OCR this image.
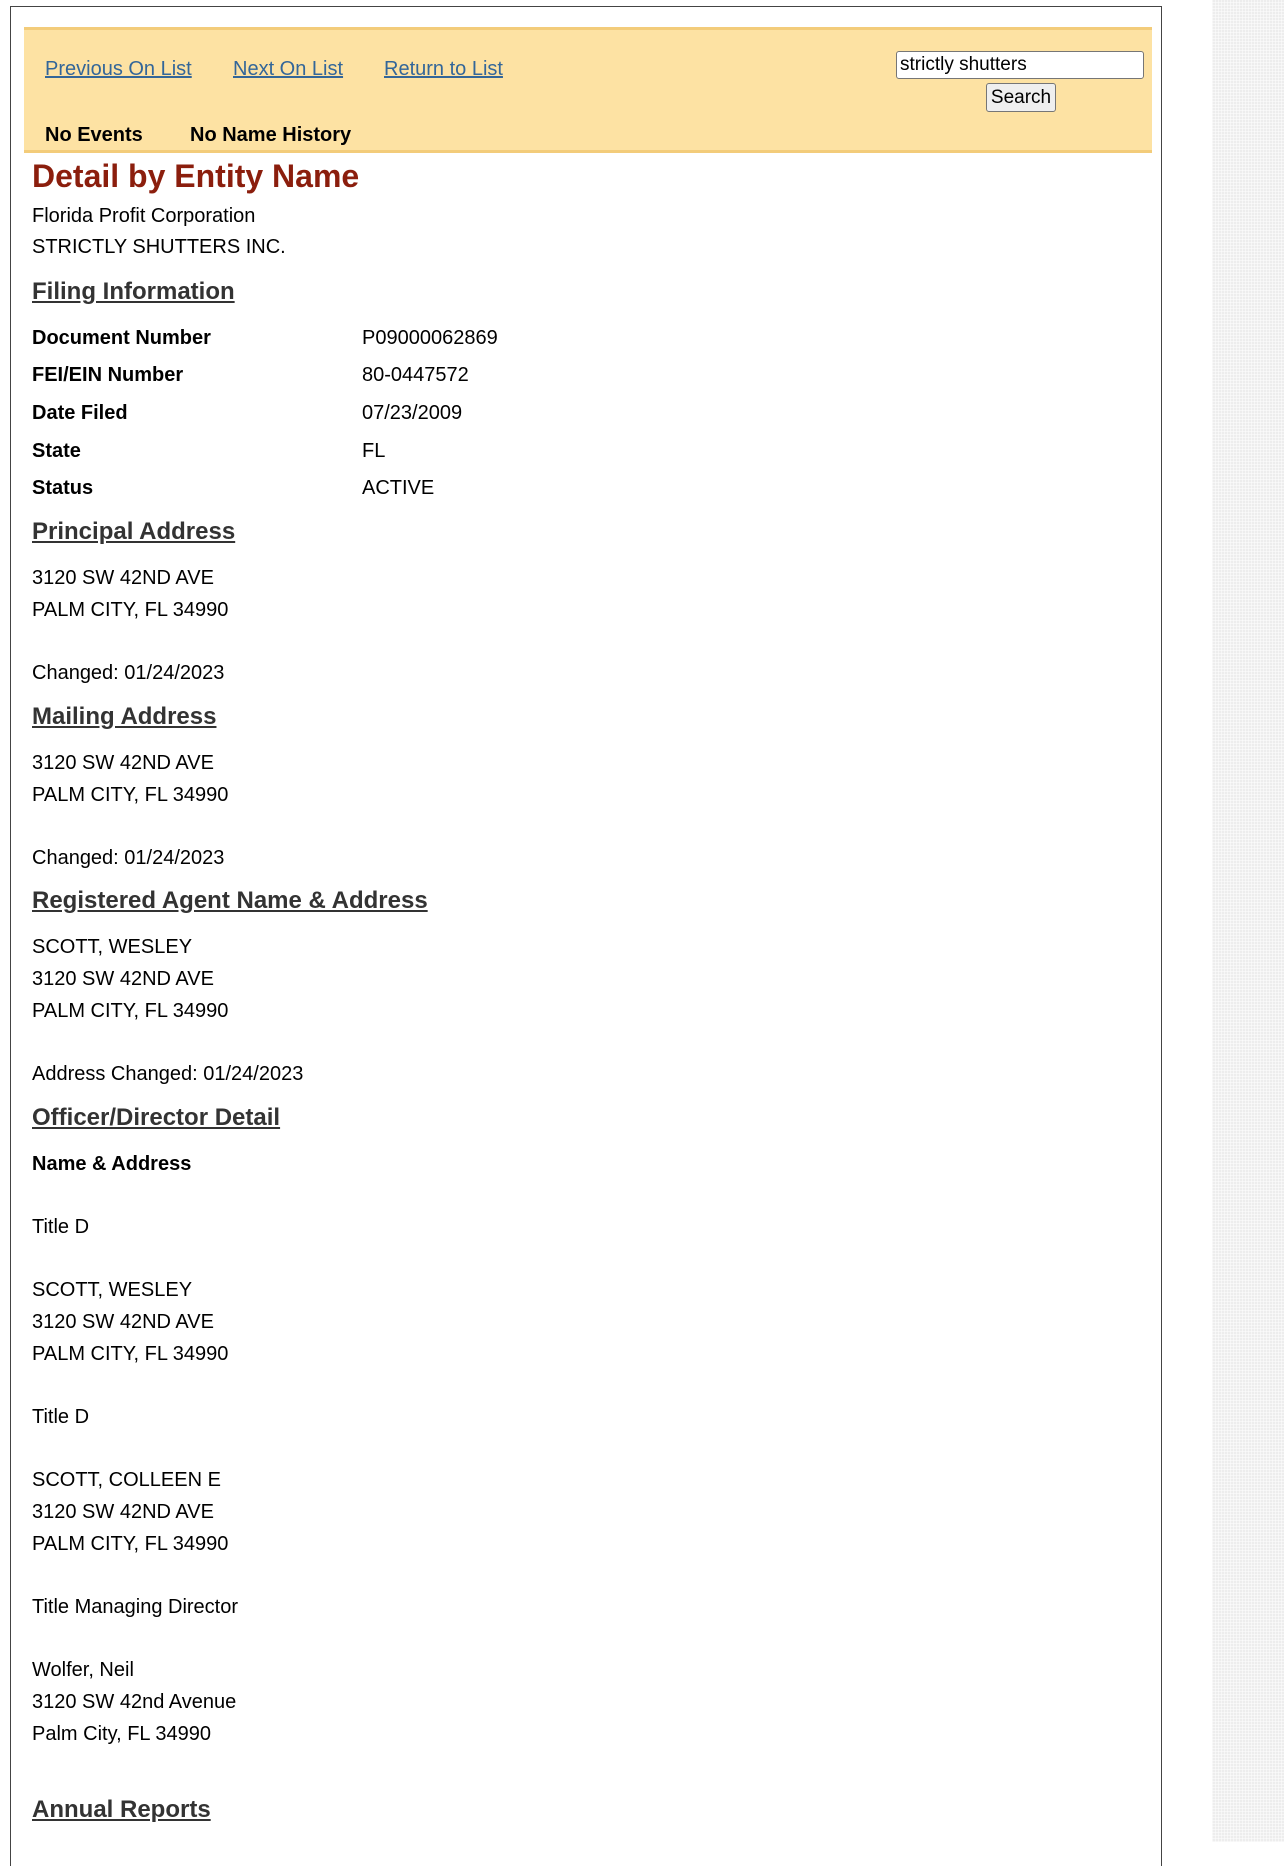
Previous On List Next On List Return to List
No Events No Name History
strictly shutters
Search
Detail by Entity Name
Florida Profit Corporation
STRICTLY SHUTTERS INC.
Filing Information
Document Number	P09000062869
FEI/EIN Number	80-0447572
Date Filed	07/23/2009
State	FL
Status	ACTIVE
Principal Address
3120 SW 42ND AVE
PALM CITY, FL 34990
Changed: 01/24/2023
Mailing Address
3120 SW 42ND AVE
PALM CITY, FL 34990
Changed: 01/24/2023
Registered Agent Name & Address
SCOTT, WESLEY
3120 SW 42ND AVE
PALM CITY, FL 34990
Address Changed: 01/24/2023
Officer/Director Detail
Name & Address
Title D
SCOTT, WESLEY
3120 SW 42ND AVE
PALM CITY, FL 34990
Title D
SCOTT, COLLEEN E
3120 SW 42ND AVE
PALM CITY, FL 34990
Title Managing Director
Wolfer, Neil
3120 SW 42nd Avenue
Palm City, FL 34990
Annual Reports
